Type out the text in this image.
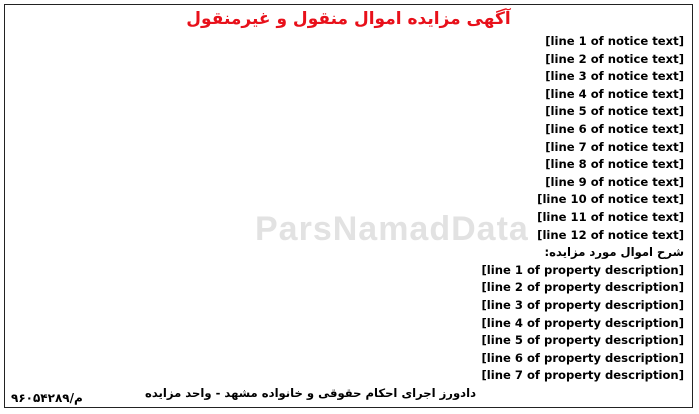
آگهی مزایده اموال منقول و غیرمنقول
[line 1 of notice text]
[line 2 of notice text]
[line 3 of notice text]
[line 4 of notice text]
[line 5 of notice text]
[line 6 of notice text]
[line 7 of notice text]
[line 8 of notice text]
[line 9 of notice text]
[line 10 of notice text]
[line 11 of notice text]
[line 12 of notice text]
شرح اموال مورد مزایده:
[line 1 of property description]
[line 2 of property description]
[line 3 of property description]
[line 4 of property description]
[line 5 of property description]
[line 6 of property description]
[line 7 of property description]
دادورز اجرای احکام حقوقی و خانواده مشهد - واحد مزایده
ParsNamadData
۹۶۰۵۴۲۸۹/م
